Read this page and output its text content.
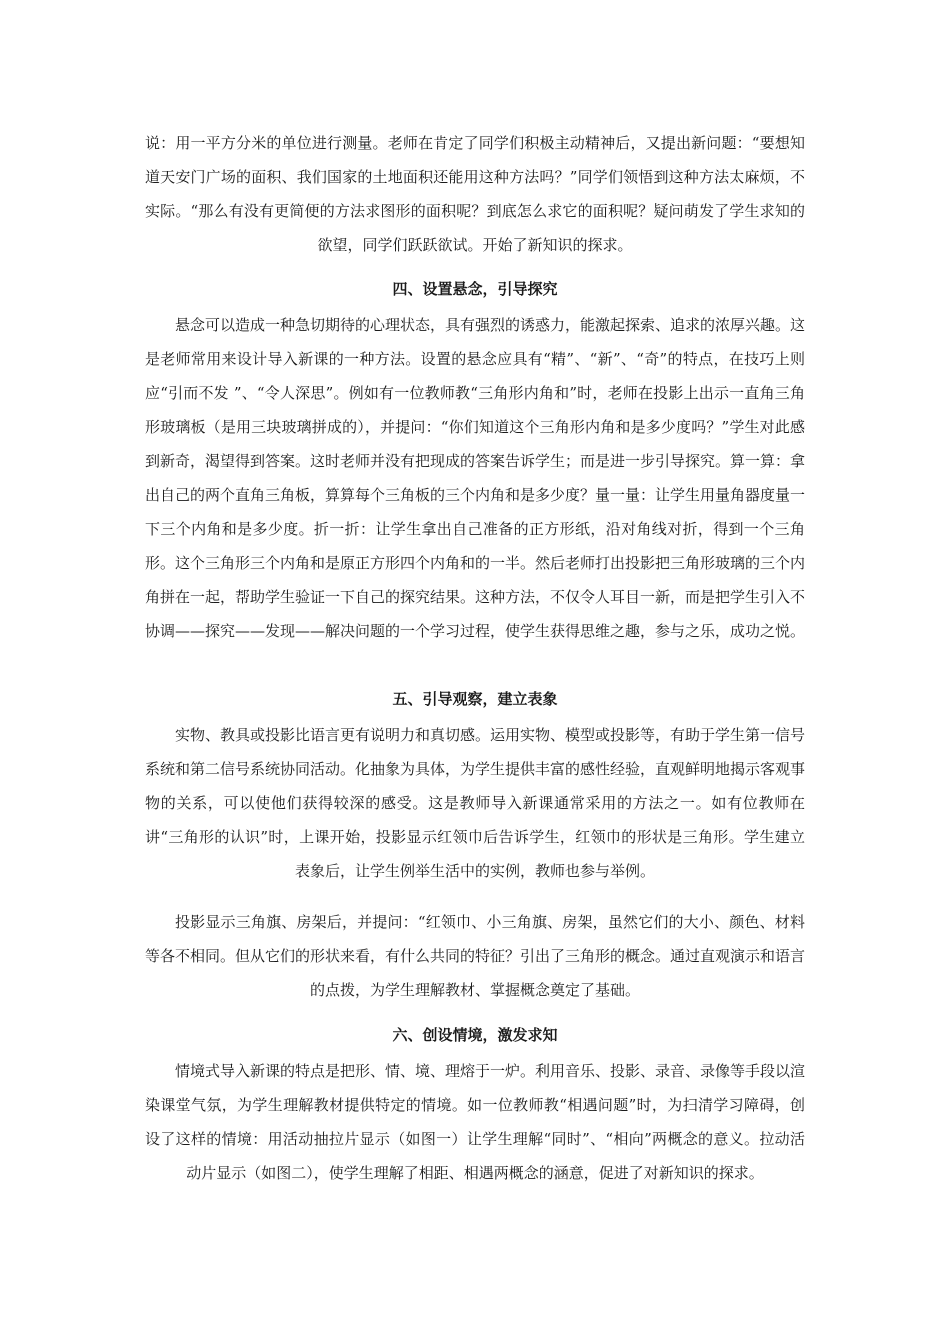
说：用一平方分米的单位进行测量。老师在肯定了同学们积极主动精神后，又提出新问题：“要想知道天安门广场的面积、我们国家的土地面积还能用这种方法吗？”同学们领悟到这种方法太麻烦，不实际。“那么有没有更简便的方法求图形的面积呢？到底怎么求它的面积呢？疑问萌发了学生求知的欲望，同学们跃跃欲试。开始了新知识的探求。

四、设置悬念，引导探究

悬念可以造成一种急切期待的心理状态，具有强烈的诱惑力，能激起探索、追求的浓厚兴趣。这是老师常用来设计导入新课的一种方法。设置的悬念应具有“精”、“新”、“奇”的特点，在技巧上则应“引而不发 ”、“令人深思”。例如有一位教师教“三角形内角和”时，老师在投影上出示一直角三角形玻璃板（是用三块玻璃拼成的），并提问：“你们知道这个三角形内角和是多少度吗？”学生对此感到新奇，渴望得到答案。这时老师并没有把现成的答案告诉学生；而是进一步引导探究。算一算：拿出自己的两个直角三角板，算算每个三角板的三个内角和是多少度？量一量：让学生用量角器度量一下三个内角和是多少度。折一折：让学生拿出自己准备的正方形纸，沿对角线对折，得到一个三角形。这个三角形三个内角和是原正方形四个内角和的一半。然后老师打出投影把三角形玻璃的三个内角拼在一起，帮助学生验证一下自己的探究结果。这种方法，不仅令人耳目一新，而是把学生引入不协调——探究——发现——解决问题的一个学习过程，使学生获得思维之趣，参与之乐，成功之悦。

五、引导观察，建立表象

实物、教具或投影比语言更有说明力和真切感。运用实物、模型或投影等，有助于学生第一信号系统和第二信号系统协同活动。化抽象为具体，为学生提供丰富的感性经验，直观鲜明地揭示客观事物的关系，可以使他们获得较深的感受。这是教师导入新课通常采用的方法之一。如有位教师在讲“三角形的认识”时，上课开始，投影显示红领巾后告诉学生，红领巾的形状是三角形。学生建立表象后，让学生例举生活中的实例，教师也参与举例。

投影显示三角旗、房架后，并提问：“红领巾、小三角旗、房架，虽然它们的大小、颜色、材料等各不相同。但从它们的形状来看，有什么共同的特征？引出了三角形的概念。通过直观演示和语言的点拨，为学生理解教材、掌握概念奠定了基础。

六、创设情境，激发求知

情境式导入新课的特点是把形、情、境、理熔于一炉。利用音乐、投影、录音、录像等手段以渲染课堂气氛，为学生理解教材提供特定的情境。如一位教师教“相遇问题”时，为扫清学习障碍，创设了这样的情境：用活动抽拉片显示（如图一）让学生理解“同时”、“相向”两概念的意义。拉动活动片显示（如图二），使学生理解了相距、相遇两概念的涵意，促进了对新知识的探求。
